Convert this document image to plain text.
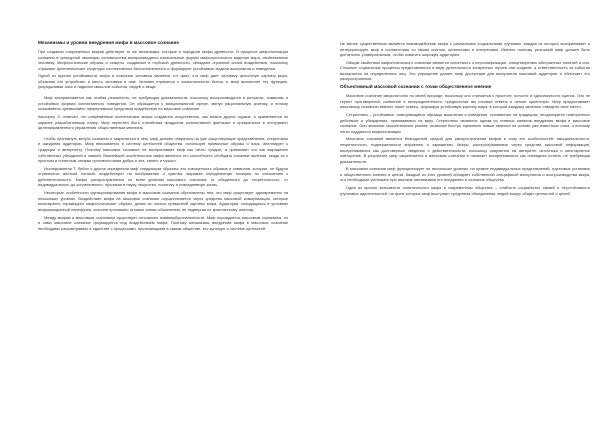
Механизмы и уровни внедрения мифа в массовое сознание

При создании современных мифов действуют те же механизмы, которые и породили мифы древности. В процессе мифологизации сознания в культурной эволюции человечества воспроизводятся изначальные формы мифологического видения мира, свойственные человеку. Мифологические образы и сюжеты, созданные в глубокой древности, обладают огромной силой воздействия, поскольку отражают архетипические структуры коллективного бессознательного и формируют устойчивые модели восприятия и поведения.

Одной из причин устойчивости мифа в сознании человека является тот факт, что миф дает человеку целостную картину мира, объясняя его устройство и место человека в нем. Человек стремится к осмысленности бытия, и миф выполняет эту функцию, упорядочивая хаос и наделяя смыслом события, людей и вещи.

Миф воспринимается как особая реальность, не требующая доказательств, поскольку воспроизводится в ритуалах, символах и устойчивых формах коллективного поведения. Он обращается к эмоциональной сфере, минуя рациональную критику, и потому оказывается чрезвычайно эффективным средством воздействия на массовое сознание.

Кассирер Э. отмечал, что современные политические мифы создаются искусственно, как всякое другое оружие, и применяются по заранее разработанному плану. Миф перестал быть стихийным продуктом коллективной фантазии и превратился в инструмент целенаправленного управления общественным мнением.

Чтобы проникнуть вглубь сознания и закрепиться в нем, миф должен опираться на уже существующие представления, стереотипы и ожидания аудитории. Миф вписывается в систему ценностей общества, использует привычные образы и язык, апеллирует к традиции и авторитету. Поэтому массовое сознание не воспринимает миф как нечто чуждое, а принимает его как выражение собственных убеждений и чаяний. Важнейшей особенностью мифа является его способность обобщать сложные явления, сводя их к простым и понятным схемам противостояния добра и зла, своего и чужого.

Исследователи Т. Лебон и другие определяли миф следующим образом: это совокупность образов и символов, которые, не будучи ограничены жесткой логикой, воздействуют на воображение и чувства, выражая определенную позицию по отношению к действительности. Мифы распространяются по всем уровням массового сознания: от обыденного до теоретического, от индивидуального до коллективного, проникая в науку, искусство, политику и повседневную жизнь.

Некоторые особенности функционирования мифа в массовом сознании обусловлены тем, что миф существует одновременно на нескольких уровнях. Воздействие мифа на массовое сознание осуществляется через средства массовой коммуникации, которые многократно тиражируют мифологические образы, делая их частью привычной картины мира. Аудитория, находящаяся в условиях информационной перегрузки, склонна принимать готовые схемы объяснения, не подвергая их критическому анализу.

Между мифом и массовым сознанием существует отношение взаимообусловленности. Миф порождается массовым сознанием, но и само массовое сознание формируется под воздействием мифа. Поэтому механизмы внедрения мифа в массовое сознание необходимо рассматривать в единстве с процессами, протекающими в самом обществе, его культуре и системе ценностей.

Не менее существенным является взаимодействие мифа с различными социальными группами, каждая из которых воспринимает и интерпретирует миф в соответствии со своим опытом, ценностями и интересами. Именно поэтому успешный миф должен быть достаточно универсальным, чтобы охватить широкую аудиторию.

Общим свойством мифологического сознания является склонность к персонификации, олицетворению абстрактных понятий и сил. Сложные социальные процессы представляются в виде деятельности конкретных героев или злодеев, а ответственность за события возлагается на определенных лиц. Это упрощение делает миф доступным для восприятия массовой аудитории и облегчает его распространение.

Объективный массовой сознании с точки общественное мнение

Массовое сознание мифологично по своей природе, поскольку оно стремится к простоте, ясности и однозначности оценок. Оно не терпит противоречий, сомнений и неопределенности, предпочитая им готовые ответы и четкие ориентиры. Миф предоставляет массовому сознанию именно такие ответы, формируя устойчивую картину мира, в которой каждому явлению отведено свое место.

Стереотипы – устойчивые, повторяющиеся образцы мышления и поведения, основанные на традициях, неоднократно повторенных действиях и убеждениях, принимаемых на веру. Стереотипы являются одним из главных каналов внедрения мифа в массовое сознание. Они экономят мыслительные усилия, позволяя быстро оценивать новые явления на основе уже известных схем, и поэтому легко поддаются мифологизации.

Массовое сознание является благодатной средой для распространения мифов в силу его особенностей: эмоциональности, некритичности, подверженности внушению и заражению. Мифы, распространяемые через средства массовой информации, воспринимаются как достоверные сведения о действительности, поскольку опираются на авторитет источника и многократное повторение. В результате миф закрепляется в массовом сознании и начинает восприниматься как очевидная истина, не требующая доказательств.

В массовом сознании миф функционирует на нескольких уровнях: на уровне индивидуальных представлений, групповых установок и общественного мнения в целом. Каждый из этих уровней обладает собственной спецификой восприятия и воспроизводства мифа, что необходимо учитывать при анализе механизмов его внедрения в сознание общества.

Одна из причин значимости политического мифа в современном обществе – слабость социальных связей и неустойчивость групповых идентичностей, на фоне которых миф выступает средством объединения людей вокруг общих ценностей и целей.
